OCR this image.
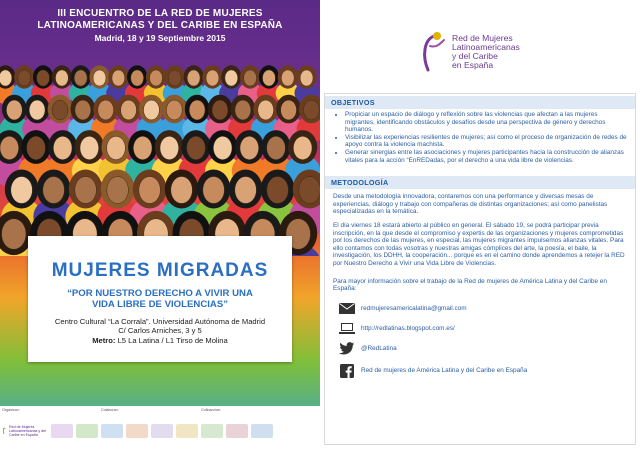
III ENCUENTRO DE LA RED DE MUJERES
LATINOAMERICANAS Y DEL CARIBE EN ESPAÑA
Madrid, 18 y 19 Septiembre 2015
MUJERES MIGRADAS
“POR NUESTRO DERECHO A VIVIR UNA
VIDA LIBRE DE VIOLENCIAS”
Centro Cultural “La Corrala”. Universidad Autónoma de Madrid
C/ Carlos Arniches, 3 y 5
Metro: L5 La Latina / L1 Tirso de Molina
Organizan:
Red de Mujeres Latinoamericanas y del Caribe en España
Colaboran:	Cofinancian:
Red de Mujeres
Latinoamericanas
y del Caribe
en España
OBJETIVOS
• Propiciar un espacio de diálogo y reflexión sobre las violencias que afectan a las mujeres migrantes, identificando obstáculos y desafíos desde una perspectiva de género y derechos humanos.
• Visibilizar las experiencias resilientes de mujeres; así como el proceso de organización de redes de apoyo contra la violencia machista.
• Generar sinergias entre las asociaciones y mujeres participantes hacia la construcción de alianzas vitales para la acción “EnREDadas, por el derecho a una vida libre de violencias.
METODOLOGÍA

Desde una metodología innovadora, contaremos con una performance y diversas mesas de experiencias, diálogo y trabajo con compañeras de distintas organizaciones; así como panelistas especializadas en la temática.

El día viernes 18 estará abierto al público en general. El sábado 19, se podrá participar previa inscripción, en la que desde el compromiso y expertis de las organizaciones y mujeres comprometidas por los derechos de las mujeres, en especial, las mujeres migrantes impulsemos alianzas vitales. Para ello contamos con todas vosotras y nuestras amigas cómplices del arte, la poesía, el baile, la investigación, los DDHH, la cooperación... porque es en el camino donde aprendemos a retejer la RED por Nuestro Derecho a Vivir una Vida Libre de Violencias.

Para mayor información sobre el trabajo de la Red de mujeres de América Latina y del Caribe en España:

redmujeresamericalatina@gmail.com
http://redlatinas.blogspot.com.es/
@RedLatina
Red de mujeres de América Latina y del Caribe en España
